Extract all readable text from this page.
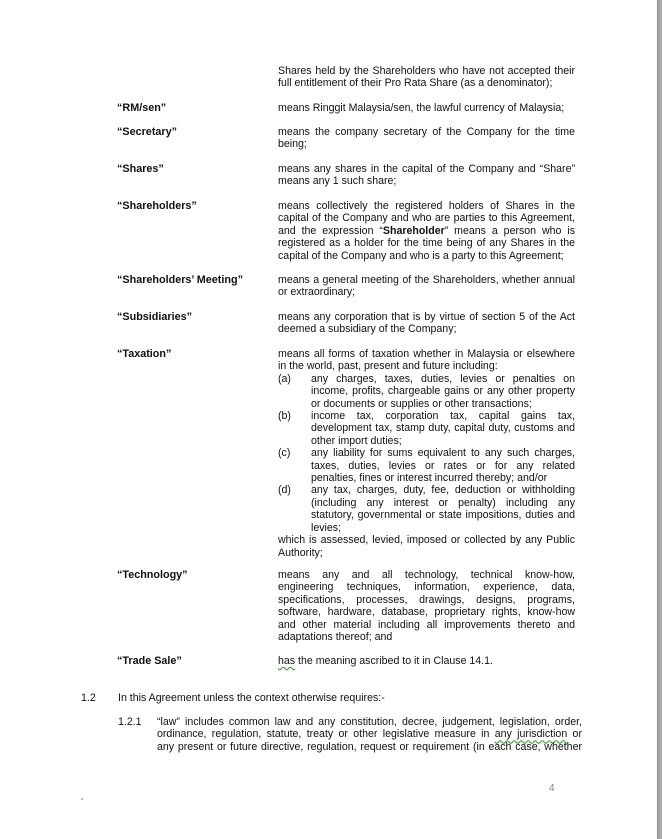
Shares held by the Shareholders who have not accepted their
full entitlement of their Pro Rata Share (as a denominator);
“RM/sen”	means Ringgit Malaysia/sen, the lawful currency of Malaysia;
“Secretary”	means the company secretary of the Company for the time
being;
“Shares”	means any shares in the capital of the Company and “Share”
means any 1 such share;
“Shareholders”	means collectively the registered holders of Shares in the
capital of the Company and who are parties to this Agreement,
and the expression “Shareholder” means a person who is
registered as a holder for the time being of any Shares in the
capital of the Company and who is a party to this Agreement;
“Shareholders’ Meeting”	means a general meeting of the Shareholders, whether annual
or extraordinary;
“Subsidiaries”	means any corporation that is by virtue of section 5 of the Act
deemed a subsidiary of the Company;
“Taxation”	means all forms of taxation whether in Malaysia or elsewhere
in the world, past, present and future including:
(a)	any charges, taxes, duties, levies or penalties on
income, profits, chargeable gains or any other property
or documents or supplies or other transactions;
(b)	income tax, corporation tax, capital gains tax,
development tax, stamp duty, capital duty, customs and
other import duties;
(c)	any liability for sums equivalent to any such charges,
taxes, duties, levies or rates or for any related
penalties, fines or interest incurred thereby; and/or
(d)	any tax, charges, duty, fee, deduction or withholding
(including any interest or penalty) including any
statutory, governmental or state impositions, duties and
levies;
which is assessed, levied, imposed or collected by any Public
Authority;
“Technology”	means any and all technology, technical know-how,
engineering techniques, information, experience, data,
specifications, processes, drawings, designs, programs,
software, hardware, database, proprietary rights, know-how
and other material including all improvements thereto and
adaptations thereof; and
“Trade Sale”	has the meaning ascribed to it in Clause 14.1.
1.2 In this Agreement unless the context otherwise requires:-
1.2.1 “law” includes common law and any constitution, decree, judgement, legislation, order,
ordinance, regulation, statute, treaty or other legislative measure in any jurisdiction or
any present or future directive, regulation, request or requirement (in each case, whether
4
